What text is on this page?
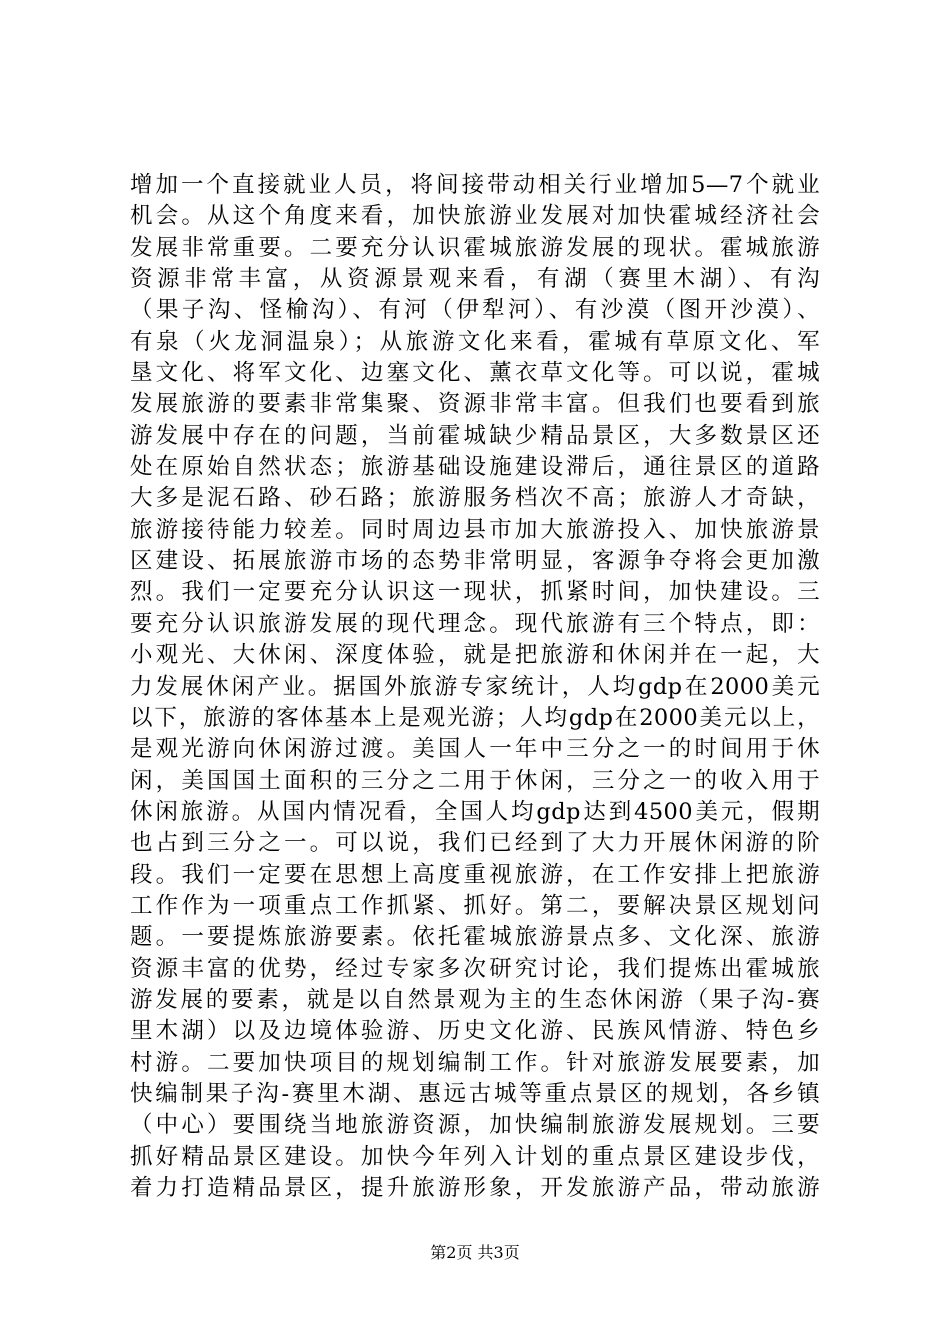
增加一个直接就业人员，将间接带动相关行业增加5—7个就业
机会。从这个角度来看，加快旅游业发展对加快霍城经济社会
发展非常重要。二要充分认识霍城旅游发展的现状。霍城旅游
资源非常丰富，从资源景观来看，有湖（赛里木湖）、有沟
（果子沟、怪榆沟）、有河（伊犁河）、有沙漠（图开沙漠）、
有泉（火龙洞温泉）；从旅游文化来看，霍城有草原文化、军
垦文化、将军文化、边塞文化、薰衣草文化等。可以说，霍城
发展旅游的要素非常集聚、资源非常丰富。但我们也要看到旅
游发展中存在的问题，当前霍城缺少精品景区，大多数景区还
处在原始自然状态；旅游基础设施建设滞后，通往景区的道路
大多是泥石路、砂石路；旅游服务档次不高；旅游人才奇缺，
旅游接待能力较差。同时周边县市加大旅游投入、加快旅游景
区建设、拓展旅游市场的态势非常明显，客源争夺将会更加激
烈。我们一定要充分认识这一现状，抓紧时间，加快建设。三
要充分认识旅游发展的现代理念。现代旅游有三个特点，即：
小观光、大休闲、深度体验，就是把旅游和休闲并在一起，大
力发展休闲产业。据国外旅游专家统计，人均gdp在2000美元
以下，旅游的客体基本上是观光游；人均gdp在2000美元以上，
是观光游向休闲游过渡。美国人一年中三分之一的时间用于休
闲，美国国土面积的三分之二用于休闲，三分之一的收入用于
休闲旅游。从国内情况看，全国人均gdp达到4500美元，假期
也占到三分之一。可以说，我们已经到了大力开展休闲游的阶
段。我们一定要在思想上高度重视旅游，在工作安排上把旅游
工作作为一项重点工作抓紧、抓好。第二，要解决景区规划问
题。一要提炼旅游要素。依托霍城旅游景点多、文化深、旅游
资源丰富的优势，经过专家多次研究讨论，我们提炼出霍城旅
游发展的要素，就是以自然景观为主的生态休闲游（果子沟-赛
里木湖）以及边境体验游、历史文化游、民族风情游、特色乡
村游。二要加快项目的规划编制工作。针对旅游发展要素，加
快编制果子沟-赛里木湖、惠远古城等重点景区的规划，各乡镇
（中心）要围绕当地旅游资源，加快编制旅游发展规划。三要
抓好精品景区建设。加快今年列入计划的重点景区建设步伐，
着力打造精品景区，提升旅游形象，开发旅游产品，带动旅游
第2页 共3页
